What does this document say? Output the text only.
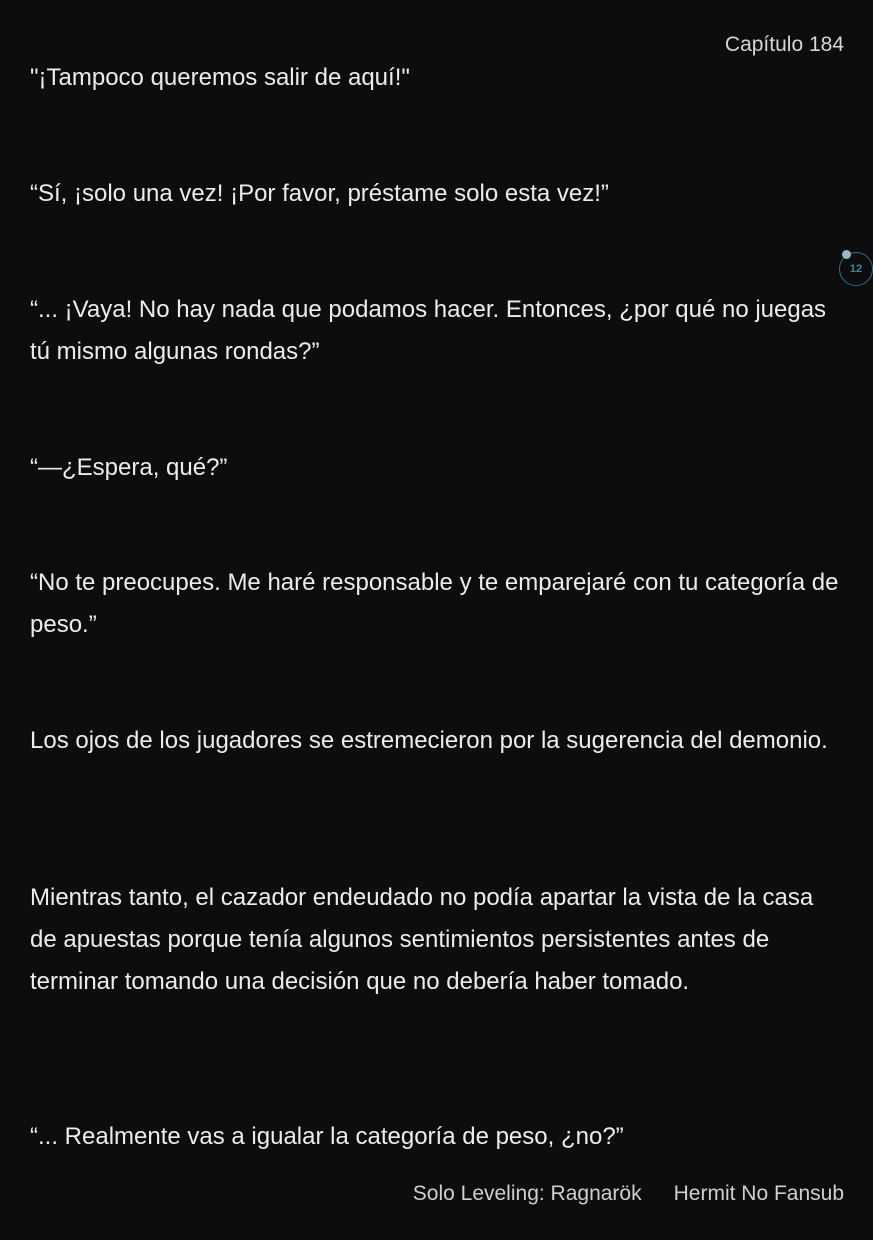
Capítulo 184

"¡Tampoco queremos salir de aquí!"

“Sí, ¡solo una vez! ¡Por favor, préstame solo esta vez!”

“... ¡Vaya! No hay nada que podamos hacer. Entonces, ¿por qué no juegas tú mismo algunas rondas?”

“—¿Espera, qué?”

“No te preocupes. Me haré responsable y te emparejaré con tu categoría de peso.”

Los ojos de los jugadores se estremecieron por la sugerencia del demonio.

Mientras tanto, el cazador endeudado no podía apartar la vista de la casa de apuestas porque tenía algunos sentimientos persistentes antes de terminar tomando una decisión que no debería haber tomado.

“... Realmente vas a igualar la categoría de peso, ¿no?”

12
Solo Leveling: Ragnarök Hermit No Fansub
